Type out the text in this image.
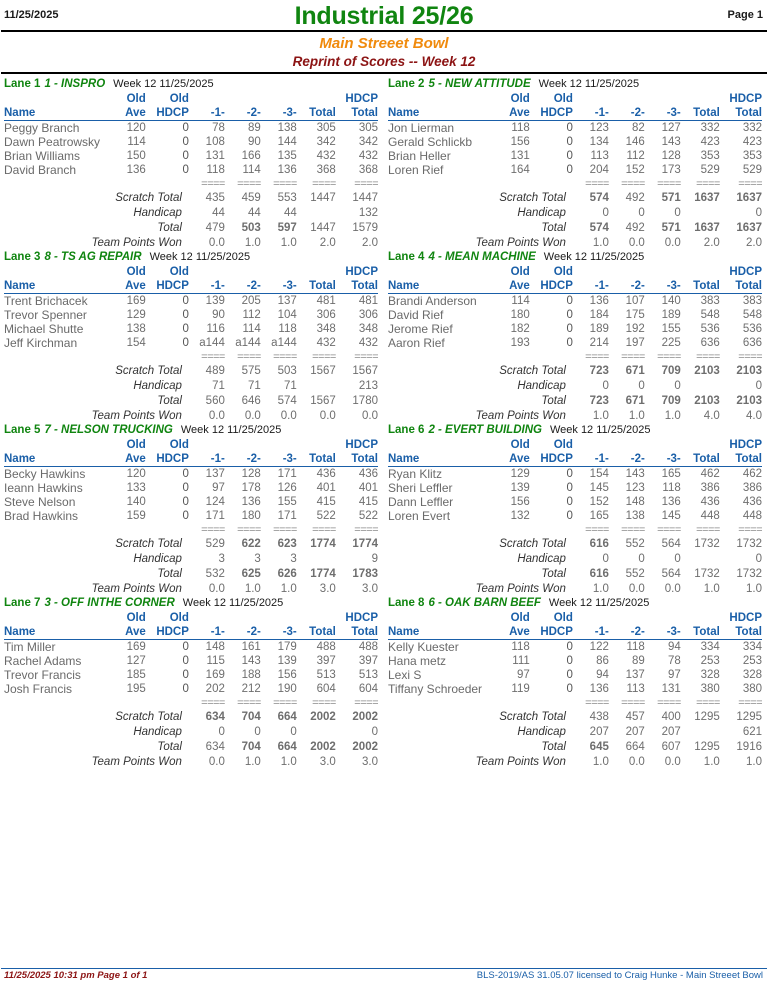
11/25/2025	Industrial 25/26	Page 1
Main Streeet Bowl
Reprint of Scores -- Week 12
Lane 1 1 - INSPRO Week 12 11/25/2025
	Old	Old					HDCP
Name	Ave	HDCP	-1-	-2-	-3-	Total	Total
Peggy Branch	120	0	78	89	138	305	305
Dawn Peatrowsky	114	0	108	90	144	342	342
Brian Williams	150	0	131	166	135	432	432
David Branch	136	0	118	114	136	368	368
			====	====	====	====	====
Scratch Total			435	459	553	1447	1447
Handicap			44	44	44		132
Total			479	503	597	1447	1579
Team Points Won			0.0	1.0	1.0	2.0	2.0
Lane 2 5 - NEW ATTITUDE Week 12 11/25/2025
	Old	Old					HDCP
Name	Ave	HDCP	-1-	-2-	-3-	Total	Total
Jon Lierman	118	0	123	82	127	332	332
Gerald Schlickb	156	0	134	146	143	423	423
Brian Heller	131	0	113	112	128	353	353
Loren Rief	164	0	204	152	173	529	529
			====	====	====	====	====
Scratch Total			574	492	571	1637	1637
Handicap			0	0	0		0
Total			574	492	571	1637	1637
Team Points Won			1.0	0.0	0.0	2.0	2.0
Lane 3 8 - TS AG REPAIR Week 12 11/25/2025
	Old	Old					HDCP
Name	Ave	HDCP	-1-	-2-	-3-	Total	Total
Trent Brichacek	169	0	139	205	137	481	481
Trevor Spenner	129	0	90	112	104	306	306
Michael Shutte	138	0	116	114	118	348	348
Jeff Kirchman	154	0	a144	a144	a144	432	432
			====	====	====	====	====
Scratch Total			489	575	503	1567	1567
Handicap			71	71	71		213
Total			560	646	574	1567	1780
Team Points Won			0.0	0.0	0.0	0.0	0.0
Lane 4 4 - MEAN MACHINE Week 12 11/25/2025
	Old	Old					HDCP
Name	Ave	HDCP	-1-	-2-	-3-	Total	Total
Brandi Anderson	114	0	136	107	140	383	383
David Rief	180	0	184	175	189	548	548
Jerome Rief	182	0	189	192	155	536	536
Aaron Rief	193	0	214	197	225	636	636
			====	====	====	====	====
Scratch Total			723	671	709	2103	2103
Handicap			0	0	0		0
Total			723	671	709	2103	2103
Team Points Won			1.0	1.0	1.0	4.0	4.0
Lane 5 7 - NELSON TRUCKING Week 12 11/25/2025
	Old	Old					HDCP
Name	Ave	HDCP	-1-	-2-	-3-	Total	Total
Becky Hawkins	120	0	137	128	171	436	436
Ieann Hawkins	133	0	97	178	126	401	401
Steve Nelson	140	0	124	136	155	415	415
Brad Hawkins	159	0	171	180	171	522	522
			====	====	====	====	====
Scratch Total			529	622	623	1774	1774
Handicap			3	3	3		9
Total			532	625	626	1774	1783
Team Points Won			0.0	1.0	1.0	3.0	3.0
Lane 6 2 - EVERT BUILDING Week 12 11/25/2025
	Old	Old					HDCP
Name	Ave	HDCP	-1-	-2-	-3-	Total	Total
Ryan Klitz	129	0	154	143	165	462	462
Sheri Leffler	139	0	145	123	118	386	386
Dann Leffler	156	0	152	148	136	436	436
Loren Evert	132	0	165	138	145	448	448
			====	====	====	====	====
Scratch Total			616	552	564	1732	1732
Handicap			0	0	0		0
Total			616	552	564	1732	1732
Team Points Won			1.0	0.0	0.0	1.0	1.0
Lane 7 3 - OFF INTHE CORNER Week 12 11/25/2025
	Old	Old					HDCP
Name	Ave	HDCP	-1-	-2-	-3-	Total	Total
Tim Miller	169	0	148	161	179	488	488
Rachel Adams	127	0	115	143	139	397	397
Trevor Francis	185	0	169	188	156	513	513
Josh Francis	195	0	202	212	190	604	604
			====	====	====	====	====
Scratch Total			634	704	664	2002	2002
Handicap			0	0	0		0
Total			634	704	664	2002	2002
Team Points Won			0.0	1.0	1.0	3.0	3.0
Lane 8 6 - OAK BARN BEEF Week 12 11/25/2025
	Old	Old					HDCP
Name	Ave	HDCP	-1-	-2-	-3-	Total	Total
Kelly Kuester	118	0	122	118	94	334	334
Hana metz	111	0	86	89	78	253	253
Lexi S	97	0	94	137	97	328	328
Tiffany Schroeder	119	0	136	113	131	380	380
			====	====	====	====	====
Scratch Total			438	457	400	1295	1295
Handicap			207	207	207		621
Total			645	664	607	1295	1916
Team Points Won			1.0	0.0	0.0	1.0	1.0
11/25/2025 10:31 pm Page 1 of 1	BLS-2019/AS 31.05.07 licensed to Craig Hunke - Main Streeet Bowl
